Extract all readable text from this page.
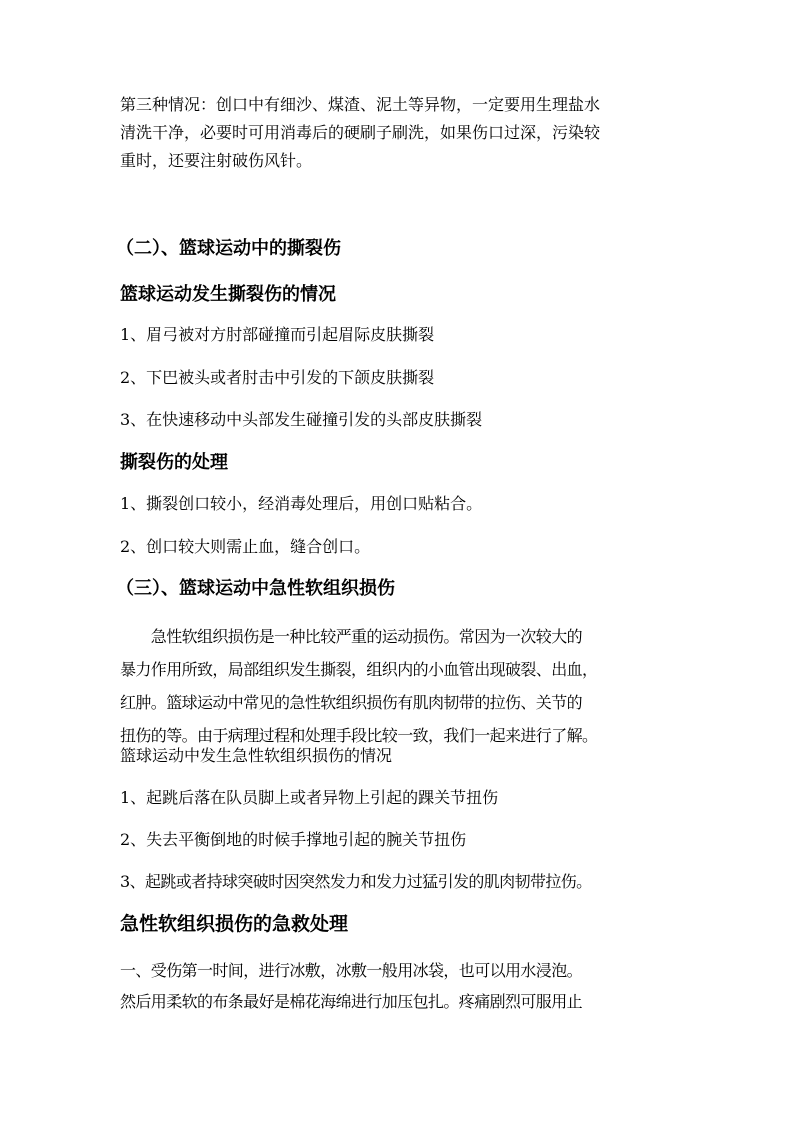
第三种情况：创口中有细沙、煤渣、泥土等异物，一定要用生理盐水
清洗干净，必要时可用消毒后的硬刷子刷洗，如果伤口过深，污染较
重时，还要注射破伤风针。
（二）、篮球运动中的撕裂伤
篮球运动发生撕裂伤的情况
1、眉弓被对方肘部碰撞而引起眉际皮肤撕裂
2、下巴被头或者肘击中引发的下颌皮肤撕裂
3、在快速移动中头部发生碰撞引发的头部皮肤撕裂
撕裂伤的处理
1、撕裂创口较小，经消毒处理后，用创口贴粘合。
2、创口较大则需止血，缝合创口。
（三）、篮球运动中急性软组织损伤
　　急性软组织损伤是一种比较严重的运动损伤。常因为一次较大的
暴力作用所致，局部组织发生撕裂，组织内的小血管出现破裂、出血，
红肿。篮球运动中常见的急性软组织损伤有肌肉韧带的拉伤、关节的
扭伤的等。由于病理过程和处理手段比较一致，我们一起来进行了解。
篮球运动中发生急性软组织损伤的情况
1、起跳后落在队员脚上或者异物上引起的踝关节扭伤
2、失去平衡倒地的时候手撑地引起的腕关节扭伤
3、起跳或者持球突破时因突然发力和发力过猛引发的肌肉韧带拉伤。
急性软组织损伤的急救处理
一、受伤第一时间，进行冰敷，冰敷一般用冰袋，也可以用水浸泡。
然后用柔软的布条最好是棉花海绵进行加压包扎。疼痛剧烈可服用止
